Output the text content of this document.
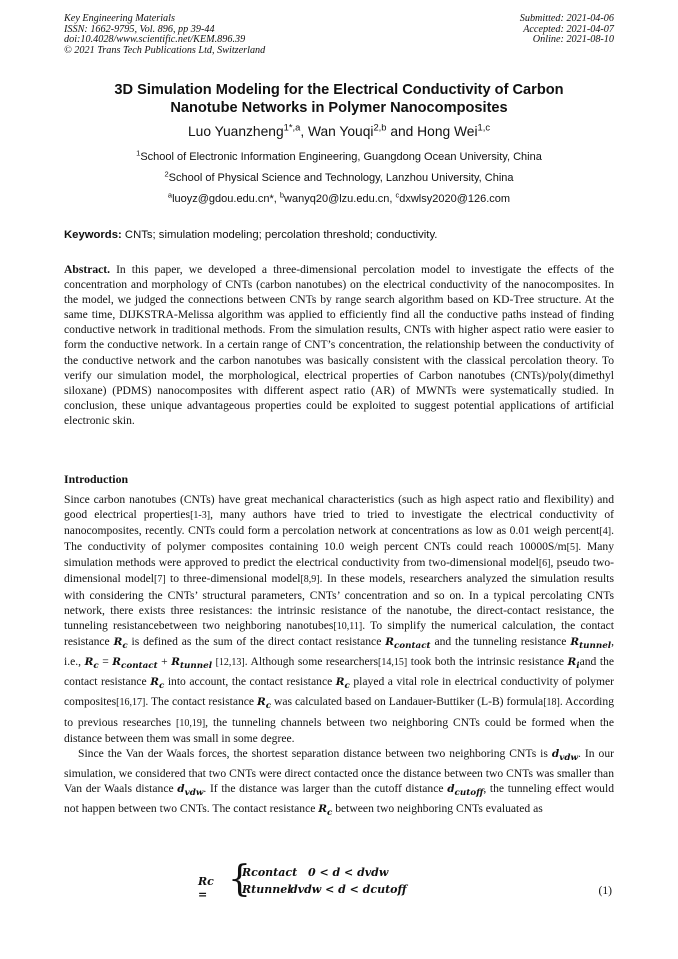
Key Engineering Materials
ISSN: 1662-9795, Vol. 896, pp 39-44
doi:10.4028/www.scientific.net/KEM.896.39
© 2021 Trans Tech Publications Ltd, Switzerland
Submitted: 2021-04-06
Accepted: 2021-04-07
Online: 2021-08-10
3D Simulation Modeling for the Electrical Conductivity of Carbon
Nanotube Networks in Polymer Nanocomposites
Luo Yuanzheng$^{1*,a}$, Wan Youqi$^{2,b}$ and Hong Wei$^{1,c}$
$^1$School of Electronic Information Engineering, Guangdong Ocean University, China
$^2$School of Physical Science and Technology, Lanzhou University, China
$^a$luoyz@gdou.edu.cn*, $^b$wanyq20@lzu.edu.cn, $^c$dxwlsy2020@126.com
Keywords: CNTs; simulation modeling; percolation threshold; conductivity.
Abstract. In this paper, we developed a three-dimensional percolation model to investigate the effects of the concentration and morphology of CNTs (carbon nanotubes) on the electrical conductivity of the nanocomposites. In the model, we judged the connections between CNTs by range search algorithm based on KD-Tree structure. At the same time, DIJKSTRA-Melissa algorithm was applied to efficiently find all the conductive paths instead of finding conductive network in traditional methods. From the simulation results, CNTs with higher aspect ratio were easier to form the conductive network. In a certain range of CNT’s concentration, the relationship between the conductivity of the conductive network and the carbon nanotubes was basically consistent with the classical percolation theory. To verify our simulation model, the morphological, electrical properties of Carbon nanotubes (CNTs)/poly(dimethyl siloxane) (PDMS) nanocomposites with different aspect ratio (AR) of MWNTs were systematically studied. In conclusion, these unique advantageous properties could be exploited to suggest potential applications of artificial electronic skin.
Introduction

Since carbon nanotubes (CNTs) have great mechanical characteristics (such as high aspect ratio and flexibility) and good electrical properties[1-3], many authors have tried to tried to investigate the electrical conductivity of nanocomposites, recently. CNTs could form a percolation network at concentrations as low as 0.01 weigh percent[4]. The conductivity of polymer composites containing 10.0 weigh percent CNTs could reach 10000S/m[5]. Many simulation methods were approved to predict the electrical conductivity from two-dimensional model[6], pseudo two-dimensional model[7] to three-dimensional model[8,9]. In these models, researchers analyzed the simulation results with considering the CNTs’ structural parameters, CNTs’ concentration and so on. In a typical percolating CNTs network, there exists three resistances: the intrinsic resistance of the nanotube, the direct-contact resistance, the tunneling resistancebetween two neighboring nanotubes[10,11]. To simplify the numerical calculation, the contact resistance $R_c$ is defined as the sum of the direct contact resistance $R_{contact}$ and the tunneling resistance $R_{tunnel}$, i.e., $R_c = R_{contact} + R_{tunnel}$ [12,13]. Although some researchers[14,15] took both the intrinsic resistance $R_iand$ the contact resistance $R_c$ into account, the contact resistance $R_c$ played a vital role in electrical conductivity of polymer composites[16,17]. The contact resistance $R_c$ was calculated based on Landauer-Buttiker (L-B) formula[18]. According to previous researches [10,19], the tunneling channels between two neighboring CNTs could be formed when the distance between them was small in some degree.

Since the Van der Waals forces, the shortest separation distance between two neighboring CNTs is $d_{vdw}$. In our simulation, we considered that two CNTs were direct contacted once the distance between two CNTs was smaller than Van der Waals distance $d_{vdw}$. If the distance was larger than the cutoff distance $d_{cutoff}$, the tunneling effect would not happen between two CNTs. The contact resistance $R_c$ between two neighboring CNTs evaluated as

Rc = {
Rcontact 0 < d < dvdw
Rtunnel
dvdw < d < dcutoff	(1)
